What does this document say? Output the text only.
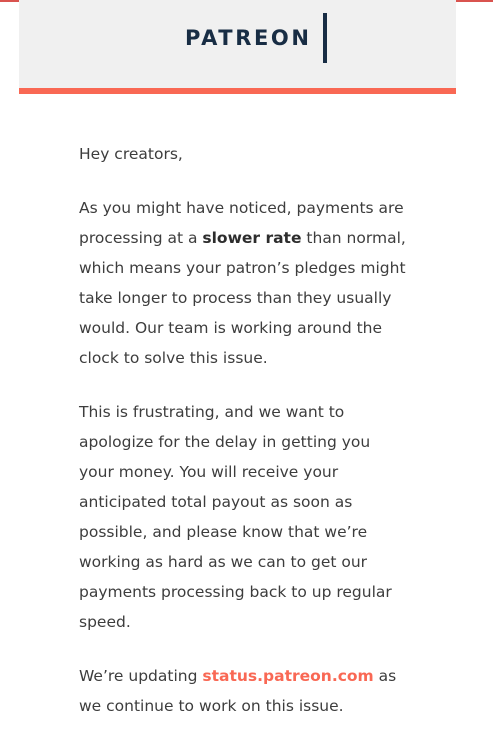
PATREON

Hey creators,

As you might have noticed, payments are processing at a slower rate than normal, which means your patron’s pledges might take longer to process than they usually would. Our team is working around the clock to solve this issue.

This is frustrating, and we want to apologize for the delay in getting you your money. You will receive your anticipated total payout as soon as possible, and please know that we’re working as hard as we can to get our payments processing back to up regular speed.

We’re updating status.patreon.com as we continue to work on this issue.
